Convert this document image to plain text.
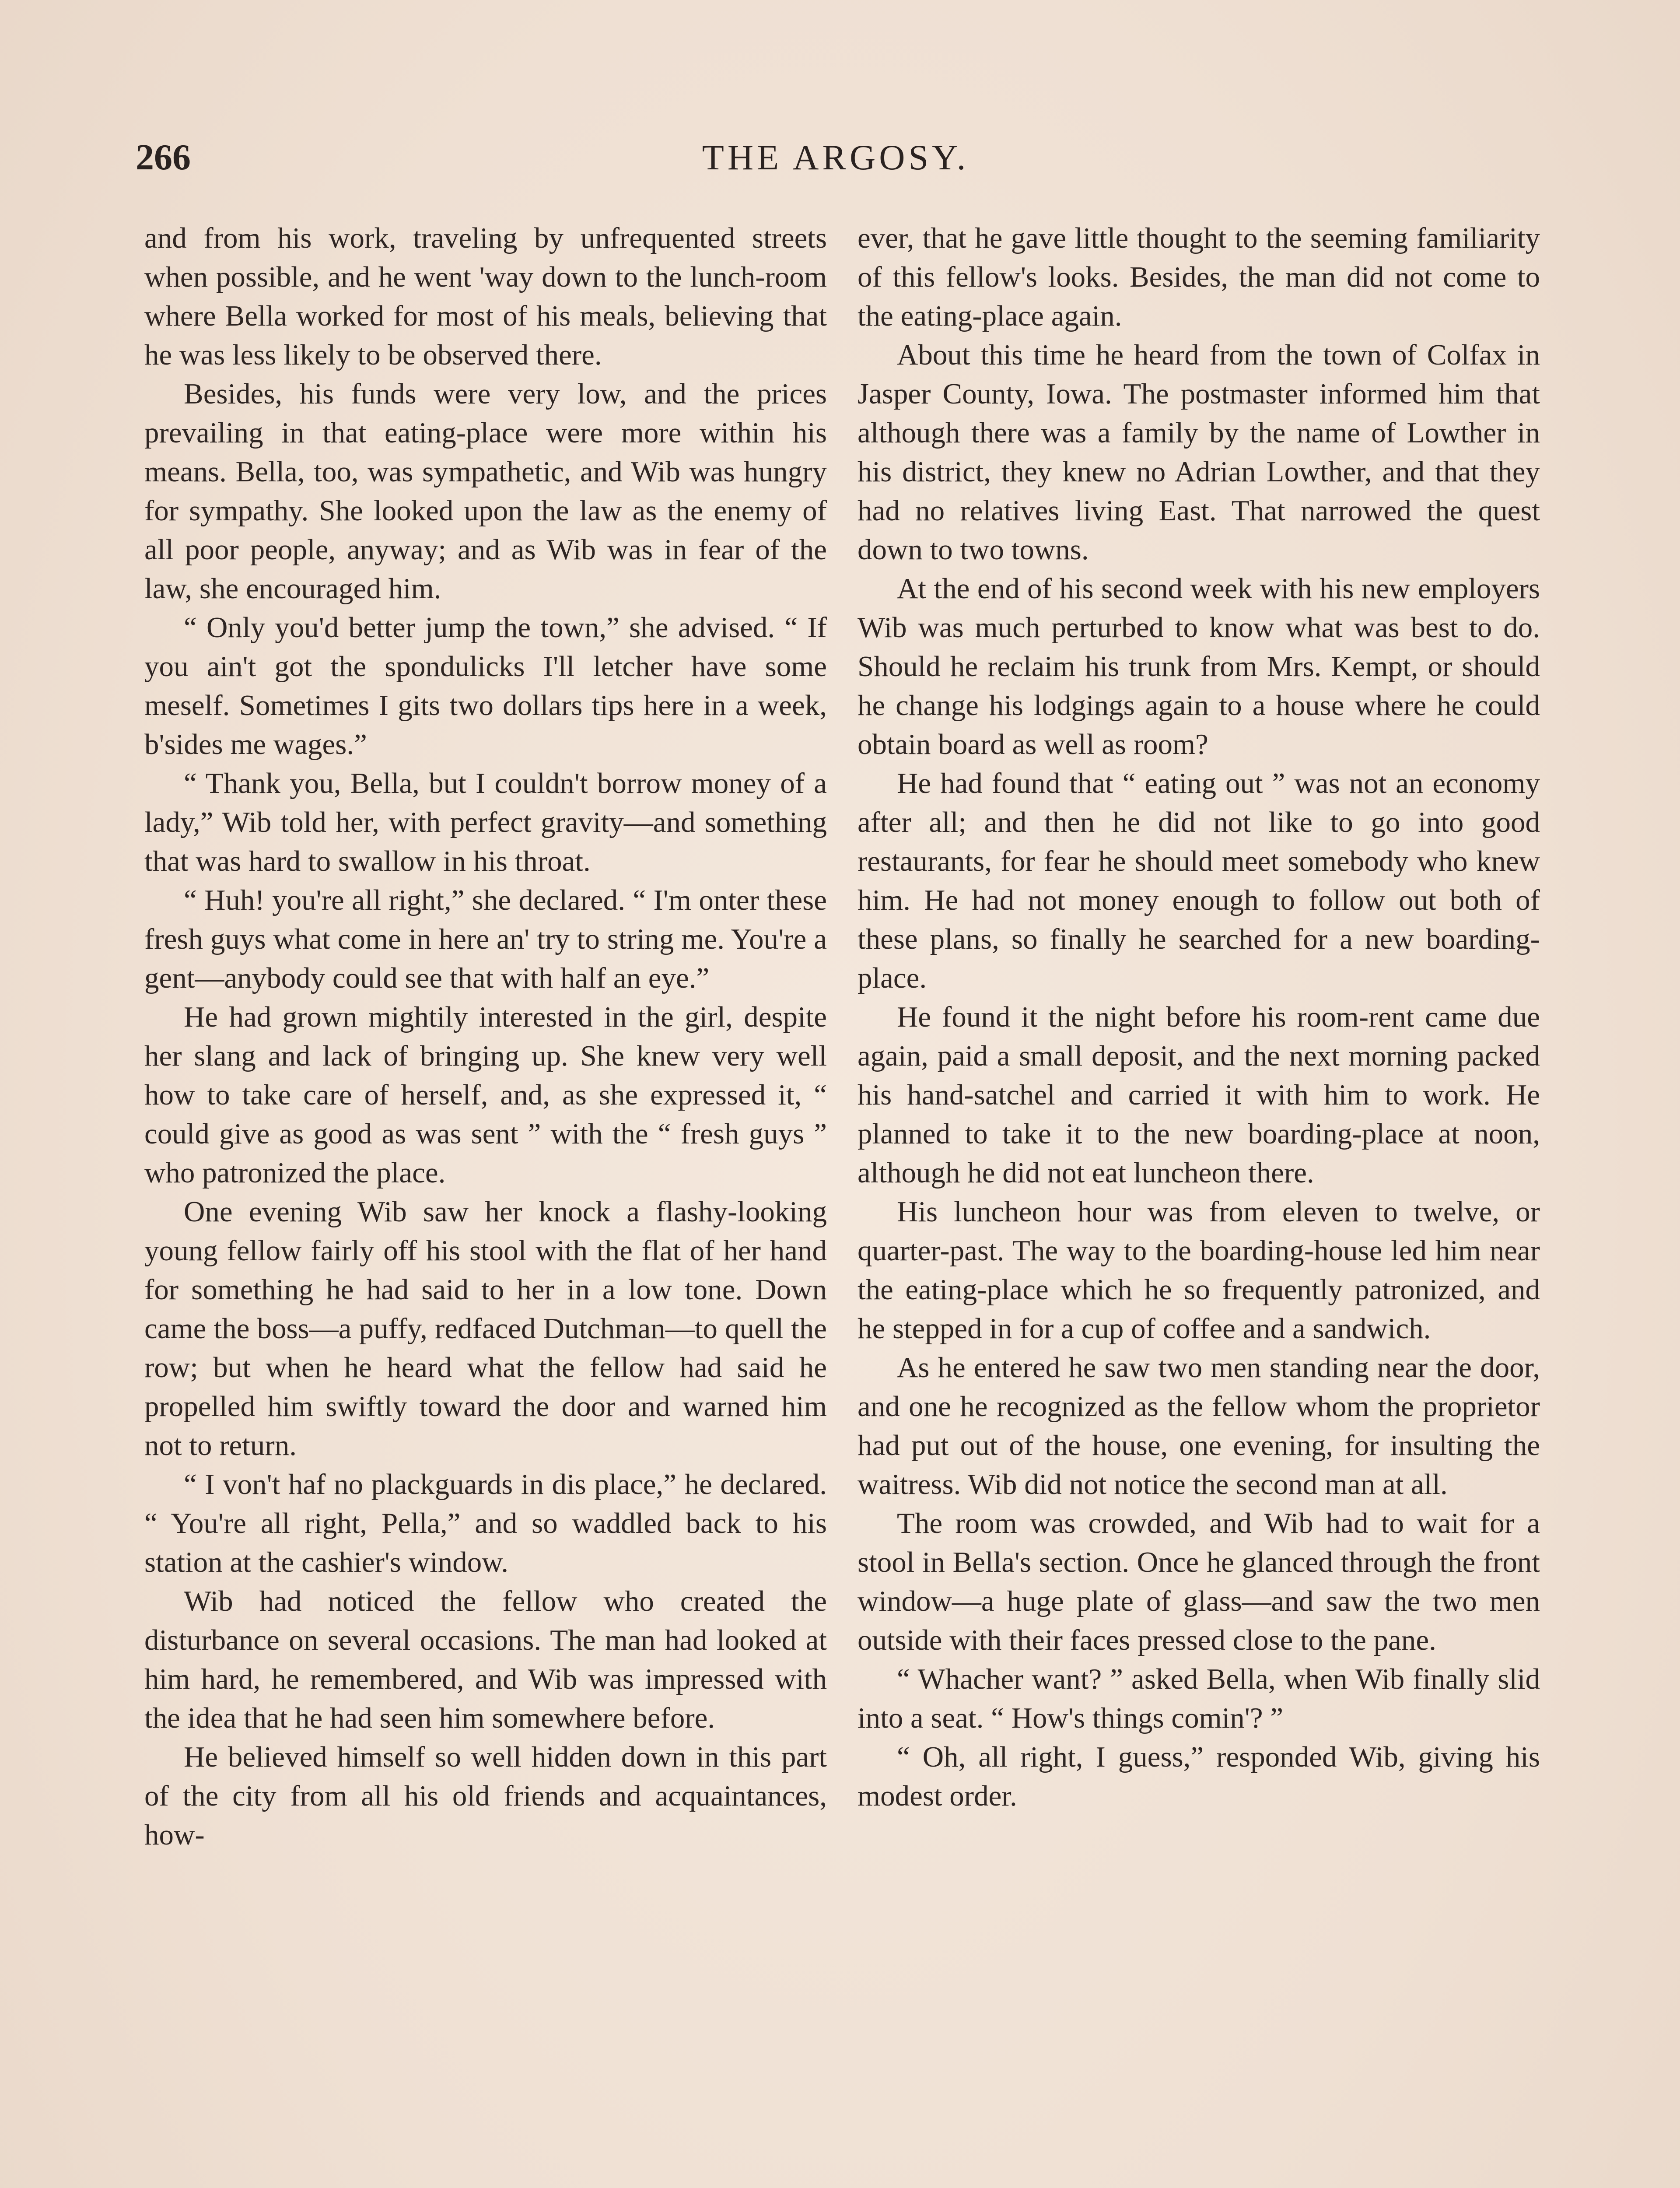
266	THE ARGOSY.

and from his work, traveling by unfrequented streets when possible, and he went 'way down to the lunch-room where Bella worked for most of his meals, believing that he was less likely to be observed there.

Besides, his funds were very low, and the prices prevailing in that eating-place were more within his means. Bella, too, was sympathetic, and Wib was hungry for sympathy. She looked upon the law as the enemy of all poor people, anyway; and as Wib was in fear of the law, she encouraged him.

“ Only you'd better jump the town,” she advised. “ If you ain't got the spondulicks I'll letcher have some meself. Sometimes I gits two dollars tips here in a week, b'sides me wages.”

“ Thank you, Bella, but I couldn't borrow money of a lady,” Wib told her, with perfect gravity—and something that was hard to swallow in his throat.

“ Huh! you're all right,” she declared. “ I'm onter these fresh guys what come in here an' try to string me. You're a gent—anybody could see that with half an eye.”

He had grown mightily interested in the girl, despite her slang and lack of bringing up. She knew very well how to take care of herself, and, as she expressed it, “ could give as good as was sent ” with the “ fresh guys ” who patronized the place.

One evening Wib saw her knock a flashy-looking young fellow fairly off his stool with the flat of her hand for something he had said to her in a low tone. Down came the boss—a puffy, redfaced Dutchman—to quell the row; but when he heard what the fellow had said he propelled him swiftly toward the door and warned him not to return.

“ I von't haf no plackguards in dis place,” he declared. “ You're all right, Pella,” and so waddled back to his station at the cashier's window.

Wib had noticed the fellow who created the disturbance on several occasions. The man had looked at him hard, he remembered, and Wib was impressed with the idea that he had seen him somewhere before.

He believed himself so well hidden down in this part of the city from all his old friends and acquaintances, how-

ever, that he gave little thought to the seeming familiarity of this fellow's looks. Besides, the man did not come to the eating-place again.

About this time he heard from the town of Colfax in Jasper County, Iowa. The postmaster informed him that although there was a family by the name of Lowther in his district, they knew no Adrian Lowther, and that they had no relatives living East. That narrowed the quest down to two towns.

At the end of his second week with his new employers Wib was much perturbed to know what was best to do. Should he reclaim his trunk from Mrs. Kempt, or should he change his lodgings again to a house where he could obtain board as well as room?

He had found that “ eating out ” was not an economy after all; and then he did not like to go into good restaurants, for fear he should meet somebody who knew him. He had not money enough to follow out both of these plans, so finally he searched for a new boarding-place.

He found it the night before his room-rent came due again, paid a small deposit, and the next morning packed his hand-satchel and carried it with him to work. He planned to take it to the new boarding-place at noon, although he did not eat luncheon there.

His luncheon hour was from eleven to twelve, or quarter-past. The way to the boarding-house led him near the eating-place which he so frequently patronized, and he stepped in for a cup of coffee and a sandwich.

As he entered he saw two men standing near the door, and one he recognized as the fellow whom the proprietor had put out of the house, one evening, for insulting the waitress. Wib did not notice the second man at all.

The room was crowded, and Wib had to wait for a stool in Bella's section. Once he glanced through the front window—a huge plate of glass—and saw the two men outside with their faces pressed close to the pane.

“ Whacher want? ” asked Bella, when Wib finally slid into a seat. “ How's things comin'? ”

“ Oh, all right, I guess,” responded Wib, giving his modest order.
